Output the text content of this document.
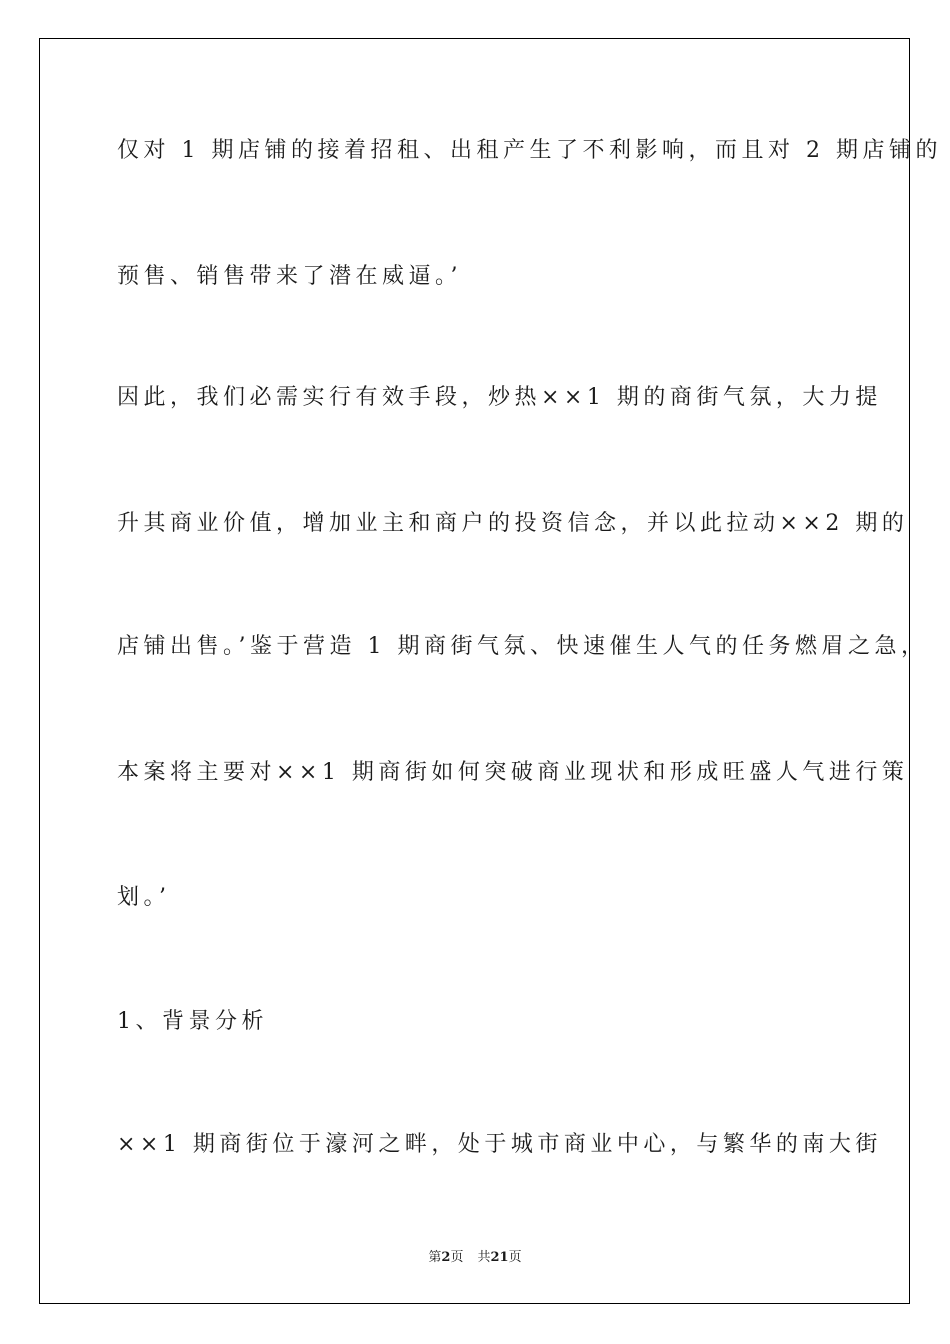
仅对 1 期店铺的接着招租、出租产生了不利影响，而且对 2 期店铺的
预售、销售带来了潜在威逼。’
因此，我们必需实行有效手段，炒热××1 期的商街气氛，大力提
升其商业价值，增加业主和商户的投资信念，并以此拉动××2 期的
店铺出售。’鉴于营造 1 期商街气氛、快速催生人气的任务燃眉之急，
本案将主要对××1 期商街如何突破商业现状和形成旺盛人气进行策
划。’
1、背景分析
××1 期商街位于濠河之畔，处于城市商业中心，与繁华的南大街
第2页 共21页
